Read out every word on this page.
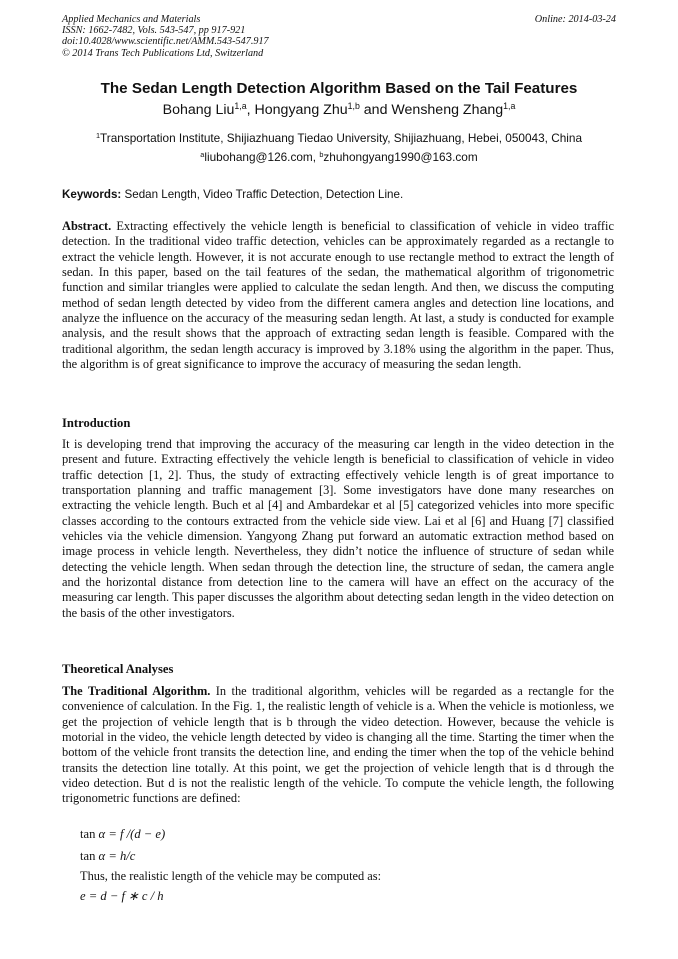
Applied Mechanics and Materials
ISSN: 1662-7482, Vols. 543-547, pp 917-921
doi:10.4028/www.scientific.net/AMM.543-547.917
© 2014 Trans Tech Publications Ltd, Switzerland
Online: 2014-03-24
The Sedan Length Detection Algorithm Based on the Tail Features
Bohang Liu$^{1,a}$, Hongyang Zhu$^{1,b}$ and Wensheng Zhang$^{1,a}$
$^1$Transportation Institute, Shijiazhuang Tiedao University, Shijiazhuang, Hebei, 050043, China
$^a$liubohang@126.com, $^b$zhuhongyang1990@163.com
Keywords: Sedan Length, Video Traffic Detection, Detection Line.
Abstract. Extracting effectively the vehicle length is beneficial to classification of vehicle in video traffic detection. In the traditional video traffic detection, vehicles can be approximately regarded as a rectangle to extract the vehicle length. However, it is not accurate enough to use rectangle method to extract the length of sedan. In this paper, based on the tail features of the sedan, the mathematical algorithm of trigonometric function and similar triangles were applied to calculate the sedan length. And then, we discuss the computing method of sedan length detected by video from the different camera angles and detection line locations, and analyze the influence on the accuracy of the measuring sedan length. At last, a study is conducted for example analysis, and the result shows that the approach of extracting sedan length is feasible. Compared with the traditional algorithm, the sedan length accuracy is improved by 3.18% using the algorithm in the paper. Thus, the algorithm is of great significance to improve the accuracy of measuring the sedan length.
Introduction
It is developing trend that improving the accuracy of the measuring car length in the video detection in the present and future. Extracting effectively the vehicle length is beneficial to classification of vehicle in video traffic detection [1, 2]. Thus, the study of extracting effectively vehicle length is of great importance to transportation planning and traffic management [3]. Some investigators have done many researches on extracting the vehicle length. Buch et al [4] and Ambardekar et al [5] categorized vehicles into more specific classes according to the contours extracted from the vehicle side view. Lai et al [6] and Huang [7] classified vehicles via the vehicle dimension. Yangyong Zhang put forward an automatic extraction method based on image process in vehicle length. Nevertheless, they didn’t notice the influence of structure of sedan while detecting the vehicle length. When sedan through the detection line, the structure of sedan, the camera angle and the horizontal distance from detection line to the camera will have an effect on the accuracy of the measuring car length. This paper discusses the algorithm about detecting sedan length in the video detection on the basis of the other investigators.
Theoretical Analyses
The Traditional Algorithm. In the traditional algorithm, vehicles will be regarded as a rectangle for the convenience of calculation. In the Fig. 1, the realistic length of vehicle is a. When the vehicle is motionless, we get the projection of vehicle length that is b through the video detection. However, because the vehicle is motorial in the video, the vehicle length detected by video is changing all the time. Starting the timer when the bottom of the vehicle front transits the detection line, and ending the timer when the top of the vehicle behind transits the detection line totally. At this point, we get the projection of vehicle length that is d through the video detection. But d is not the realistic length of the vehicle. To compute the vehicle length, the following trigonometric functions are defined:
tan α = f /(d − e)
tan α = h/c
Thus, the realistic length of the vehicle may be computed as:
e = d − f ∗ c / h
